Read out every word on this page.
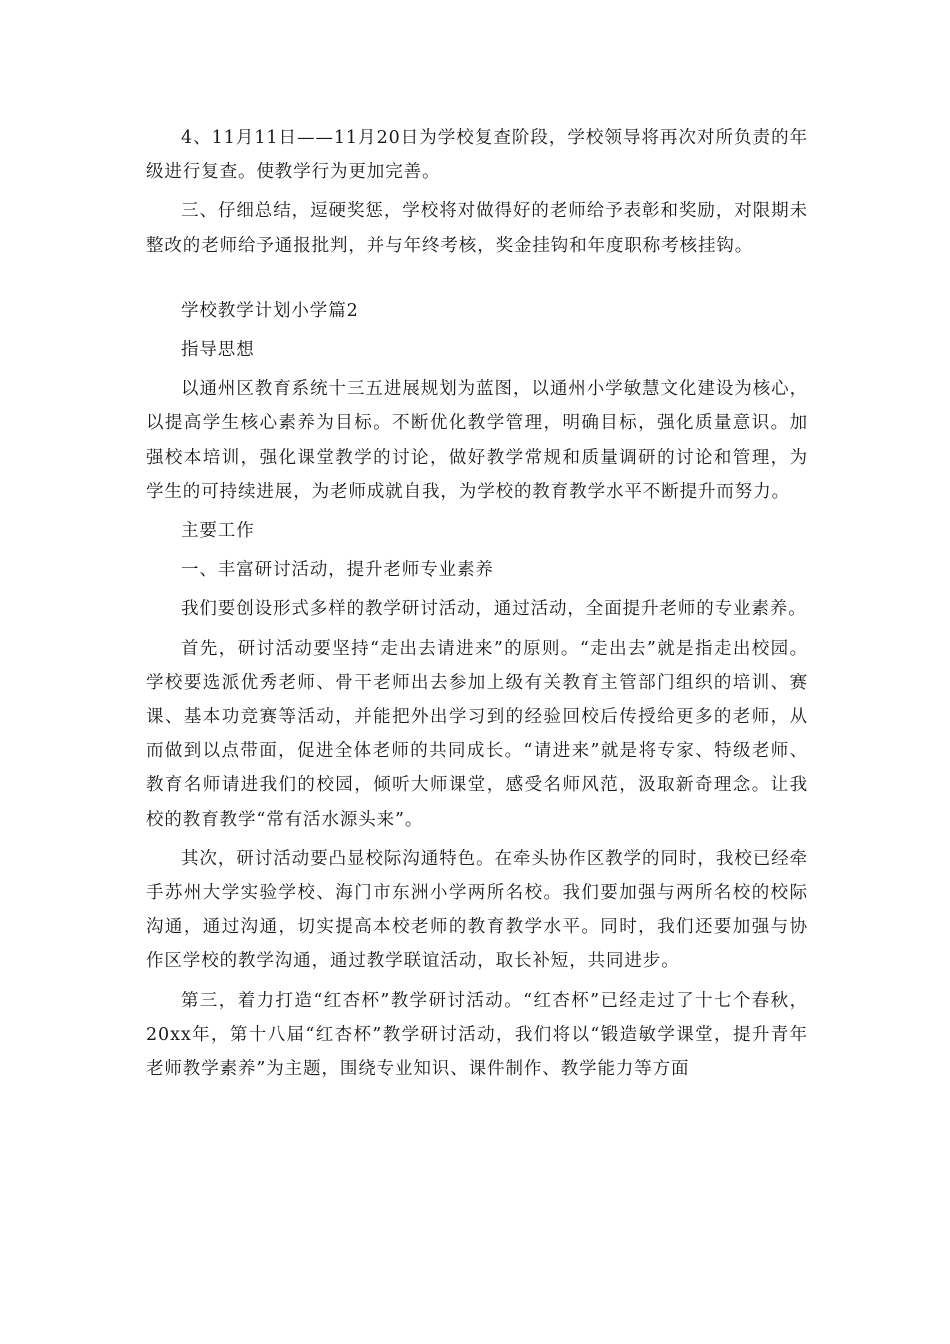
4、11月11日——11月20日为学校复查阶段，学校领导将再次对所负责的年级进行复查。使教学行为更加完善。

三、仔细总结，逗硬奖惩，学校将对做得好的老师给予表彰和奖励，对限期未整改的老师给予通报批判，并与年终考核，奖金挂钩和年度职称考核挂钩。

学校教学计划小学篇2

指导思想

以通州区教育系统十三五进展规划为蓝图，以通州小学敏慧文化建设为核心，以提高学生核心素养为目标。不断优化教学管理，明确目标，强化质量意识。加强校本培训，强化课堂教学的讨论，做好教学常规和质量调研的讨论和管理，为学生的可持续进展，为老师成就自我，为学校的教育教学水平不断提升而努力。

主要工作

一、丰富研讨活动，提升老师专业素养

我们要创设形式多样的教学研讨活动，通过活动，全面提升老师的专业素养。

首先，研讨活动要坚持“走出去请进来”的原则。“走出去”就是指走出校园。学校要选派优秀老师、骨干老师出去参加上级有关教育主管部门组织的培训、赛课、基本功竞赛等活动，并能把外出学习到的经验回校后传授给更多的老师，从而做到以点带面，促进全体老师的共同成长。“请进来”就是将专家、特级老师、教育名师请进我们的校园，倾听大师课堂，感受名师风范，汲取新奇理念。让我校的教育教学“常有活水源头来”。

其次，研讨活动要凸显校际沟通特色。在牵头协作区教学的同时，我校已经牵手苏州大学实验学校、海门市东洲小学两所名校。我们要加强与两所名校的校际沟通，通过沟通，切实提高本校老师的教育教学水平。同时，我们还要加强与协作区学校的教学沟通，通过教学联谊活动，取长补短，共同进步。

第三，着力打造“红杏杯”教学研讨活动。“红杏杯”已经走过了十七个春秋，20xx年，第十八届“红杏杯”教学研讨活动，我们将以“锻造敏学课堂，提升青年老师教学素养”为主题，围绕专业知识、课件制作、教学能力等方面
